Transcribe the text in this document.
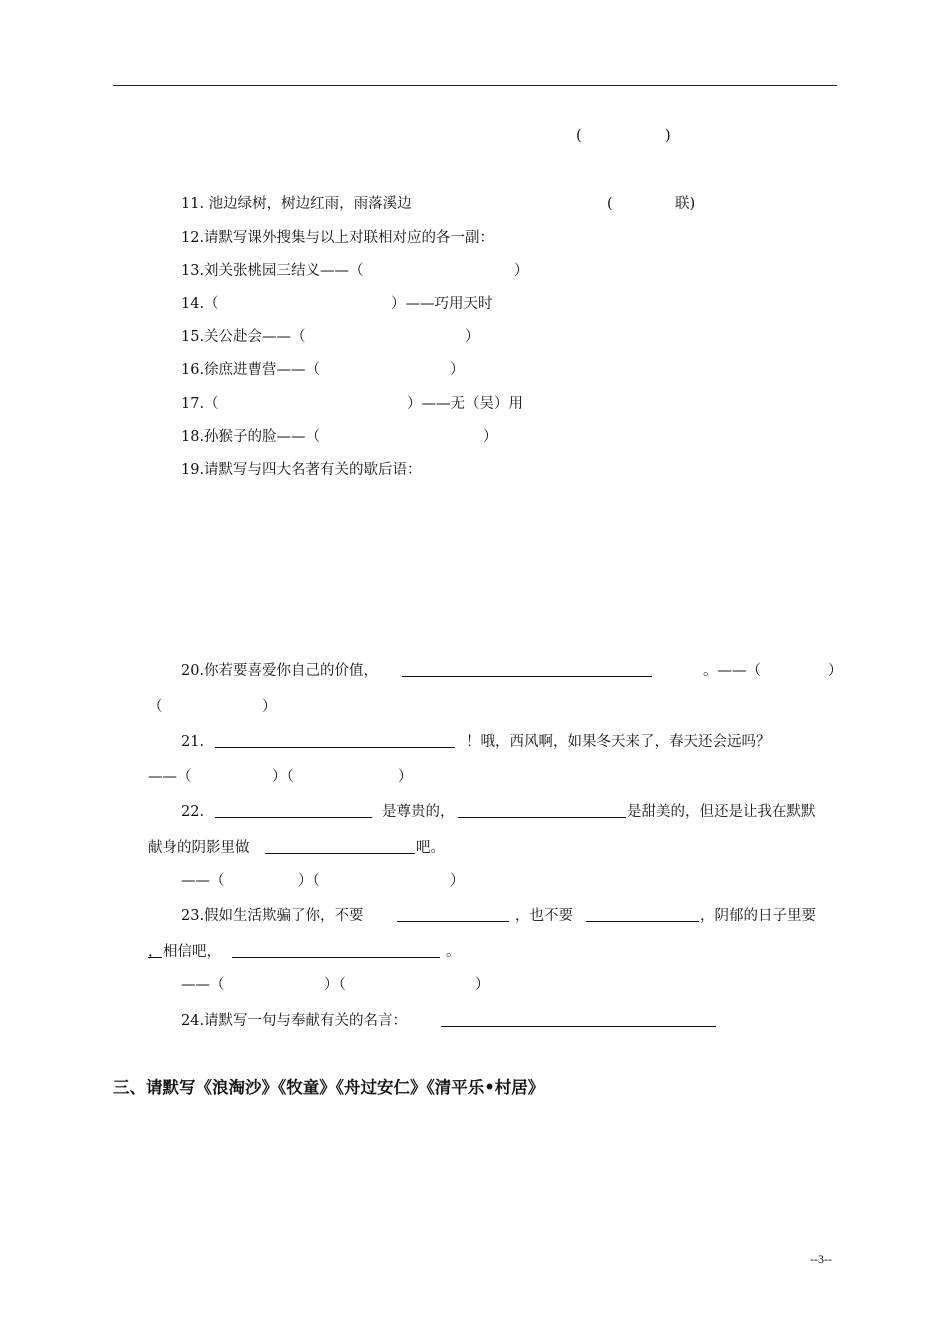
(	)
11. 池边绿树，树边红雨，雨落溪边	(	联)
12.请默写课外搜集与以上对联相对应的各一副：
13.刘关张桃园三结义——（	）
14.（	）——巧用天时
15.关公赴会——（	）
16.徐庶进曹营——（	）
17.（	）——无（吴）用
18.孙猴子的脸——（	）
19.请默写与四大名著有关的歇后语：
20.你若要喜爱你自己的价值，	。——（	）
（	）
21.	！哦，西风啊，如果冬天来了，春天还会远吗？
——（	）（	）
22.	是尊贵的，	是甜美的，但还是让我在默默
献身的阴影里做	吧。
——（	）（	）
23.假如生活欺骗了你，不要	，也不要	，阴郁的日子里要
， 相信吧，	。
——（	）（	）
24.请默写一句与奉献有关的名言：
三、请默写《浪淘沙》《牧童》《舟过安仁》《清平乐•村居》
--3--
